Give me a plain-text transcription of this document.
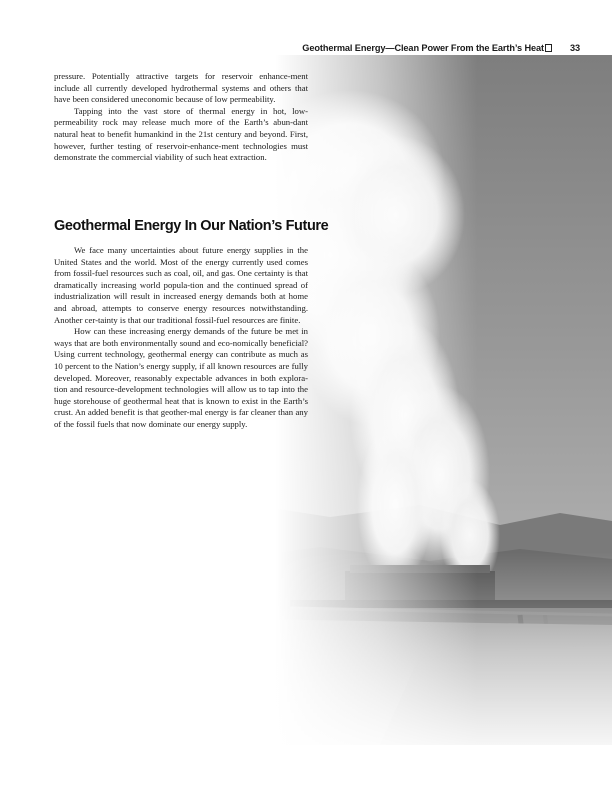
Geothermal Energy—Clean Power From the Earth’s Heat	33

pressure. Potentially attractive targets for reservoir enhance-ment include all currently developed hydrothermal systems and others that have been considered uneconomic because of low permeability.

Tapping into the vast store of thermal energy in hot, low-permeability rock may release much more of the Earth’s abun-dant natural heat to benefit humankind in the 21st century and beyond. First, however, further testing of reservoir-enhance-ment technologies must demonstrate the commercial viability of such heat extraction.

Geothermal Energy In Our Nation’s Future

We face many uncertainties about future energy supplies in the United States and the world. Most of the energy currently used comes from fossil-fuel resources such as coal, oil, and gas. One certainty is that dramatically increasing world popula-tion and the continued spread of industrialization will result in increased energy demands both at home and abroad, attempts to conserve energy resources notwithstanding. Another cer-tainty is that our traditional fossil-fuel resources are finite.

How can these increasing energy demands of the future be met in ways that are both environmentally sound and eco-nomically beneficial? Using current technology, geothermal energy can contribute as much as 10 percent to the Nation’s energy supply, if all known resources are fully developed. Moreover, reasonably expectable advances in both explora-tion and resource-development technologies will allow us to tap into the huge storehouse of geothermal heat that is known to exist in the Earth’s crust. An added benefit is that geother-mal energy is far cleaner than any of the fossil fuels that now dominate our energy supply.
